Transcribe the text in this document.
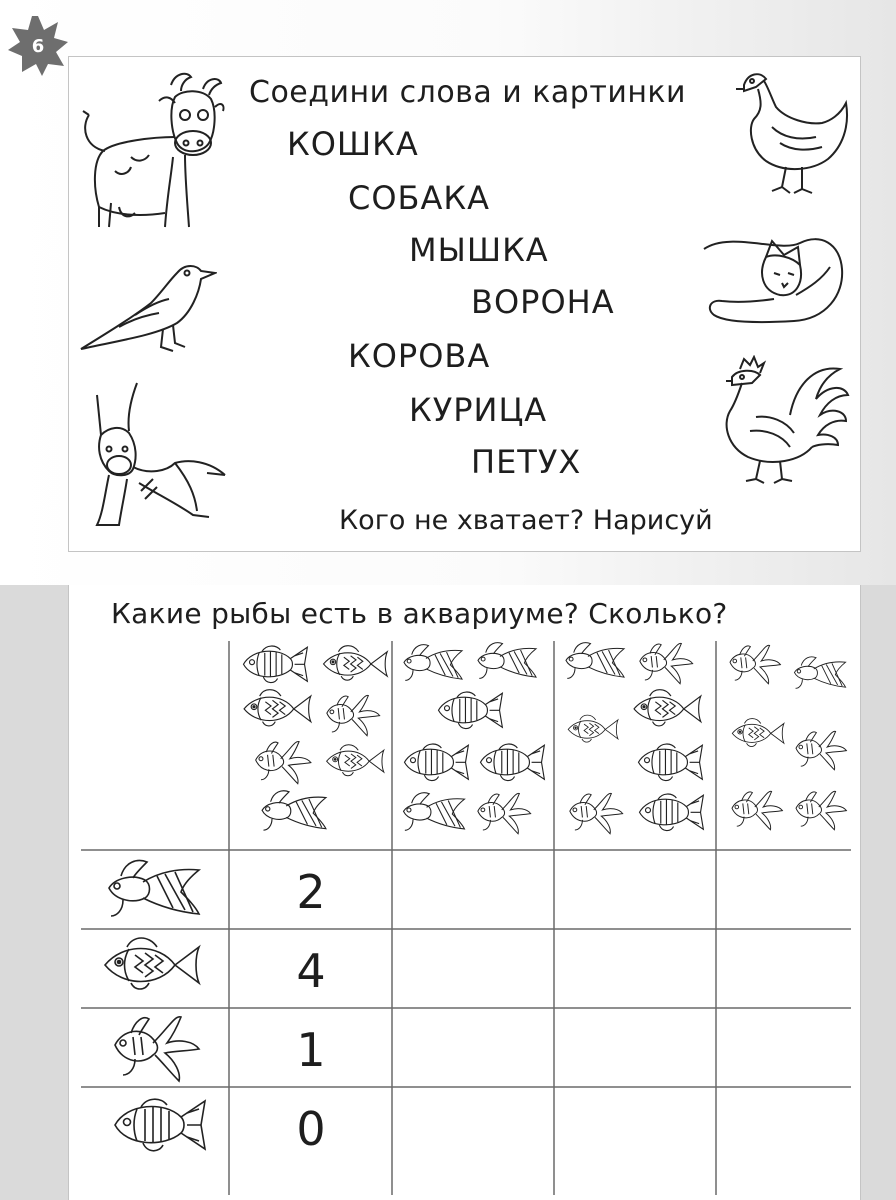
6
Соедини слова и картинки
КОШКА
СОБАКА
МЫШКА
ВОРОНА
КОРОВА
КУРИЦА
ПЕТУХ
Кого не хватает? Нарисуй
Какие рыбы есть в аквариуме? Сколько?
2
4
1
0
